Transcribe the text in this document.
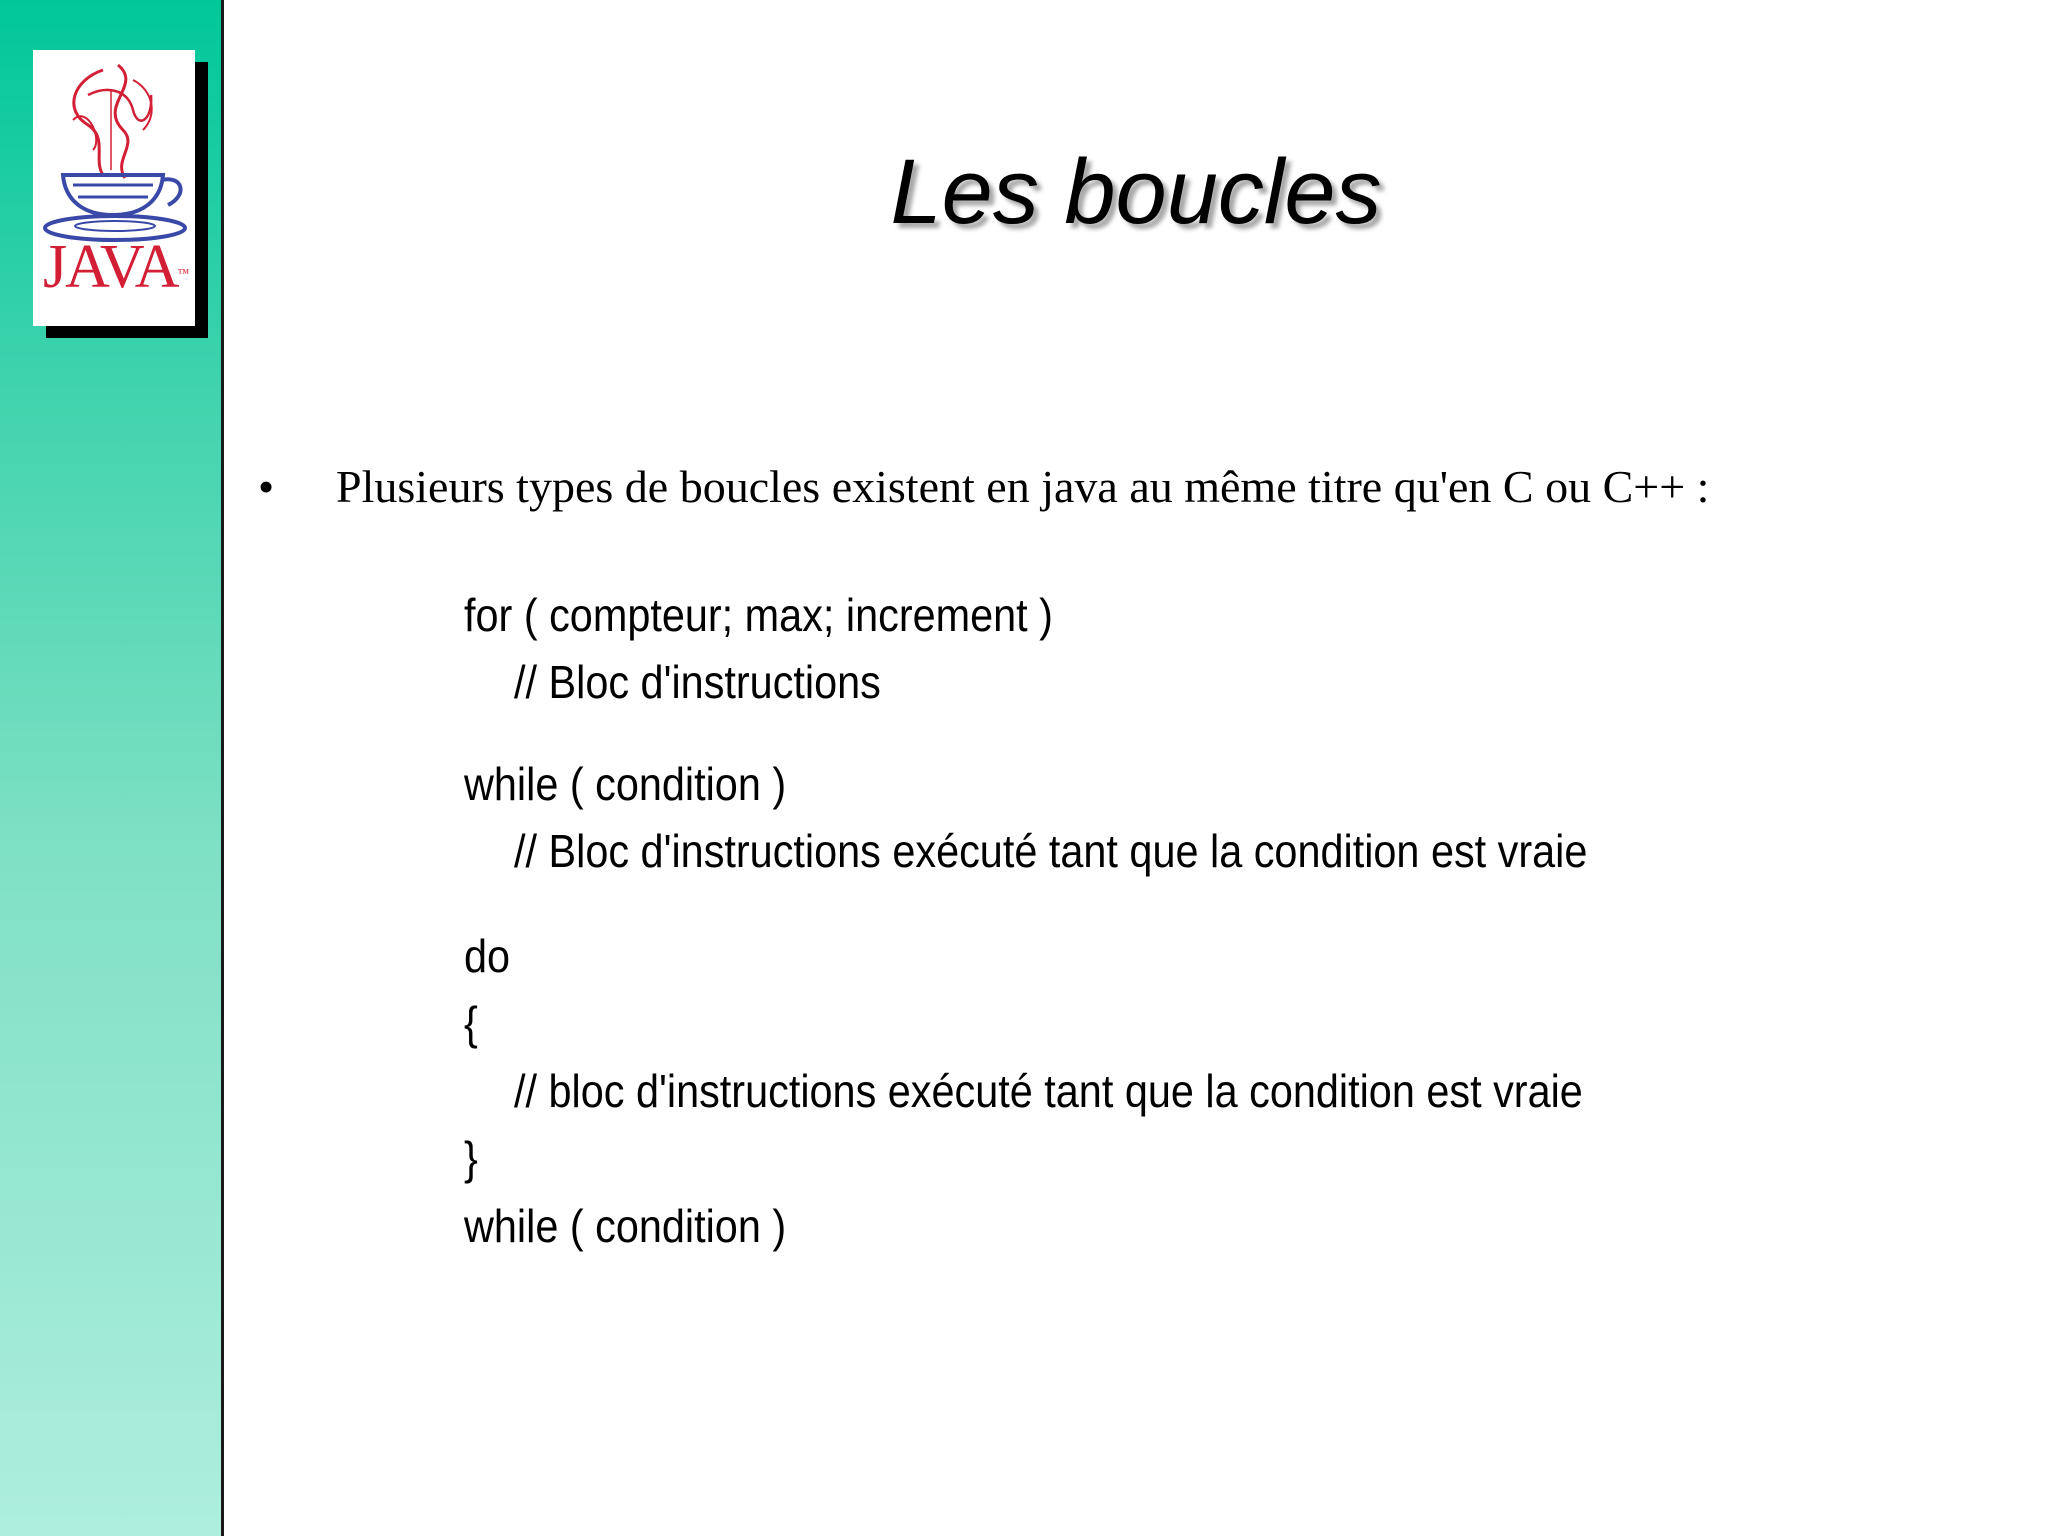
JAVA™
Les boucles
• Plusieurs types de boucles existent en java au même titre qu'en C ou C++ :
for ( compteur; max; increment )
// Bloc d'instructions
while ( condition )
// Bloc d'instructions exécuté tant que la condition est vraie
do
{
// bloc d'instructions exécuté tant que la condition est vraie
}
while ( condition )
